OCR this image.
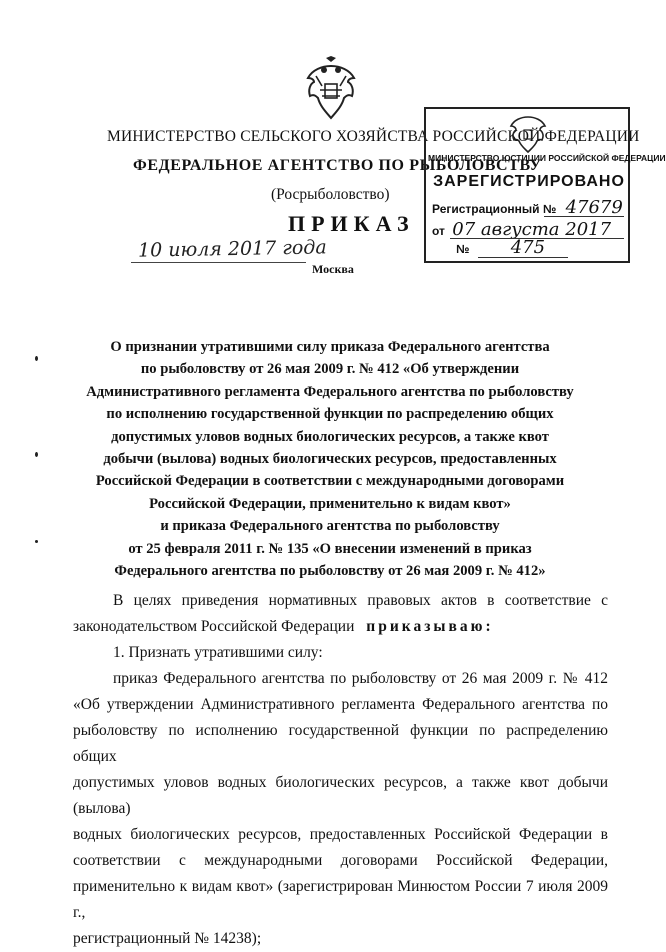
МИНИСТЕРСТВО СЕЛЬСКОГО ХОЗЯЙСТВА РОССИЙСКОЙ ФЕДЕРАЦИИ
ФЕДЕРАЛЬНОЕ АГЕНТСТВО ПО РЫБОЛОВСТВУ
(Росрыболовство)
ПРИКАЗ
10 июля 2017 года
Москва
МИНИСТЕРСТВО ЮСТИЦИИ РОССИЙСКОЙ ФЕДЕРАЦИИ
ЗАРЕГИСТРИРОВАНО
Регистрационный № 47679
от 07 августа 2017
№ 475
О признании утратившими силу приказа Федерального агентства
по рыболовству от 26 мая 2009 г. № 412 «Об утверждении
Административного регламента Федерального агентства по рыболовству
по исполнению государственной функции по распределению общих
допустимых уловов водных биологических ресурсов, а также квот
добычи (вылова) водных биологических ресурсов, предоставленных
Российской Федерации в соответствии с международными договорами
Российской Федерации, применительно к видам квот»
и приказа Федерального агентства по рыболовству
от 25 февраля 2011 г. № 135 «О внесении изменений в приказ
Федерального агентства по рыболовству от 26 мая 2009 г. № 412»
В целях приведения нормативных правовых актов в соответствие с
законодательством Российской Федерации приказываю:
1. Признать утратившими силу:
приказ Федерального агентства по рыболовству от 26 мая 2009 г. № 412
«Об утверждении Административного регламента Федерального агентства по
рыболовству по исполнению государственной функции по распределению общих
допустимых уловов водных биологических ресурсов, а также квот добычи (вылова)
водных биологических ресурсов, предоставленных Российской Федерации в
соответствии с международными договорами Российской Федерации,
применительно к видам квот» (зарегистрирован Минюстом России 7 июля 2009 г.,
регистрационный № 14238);
